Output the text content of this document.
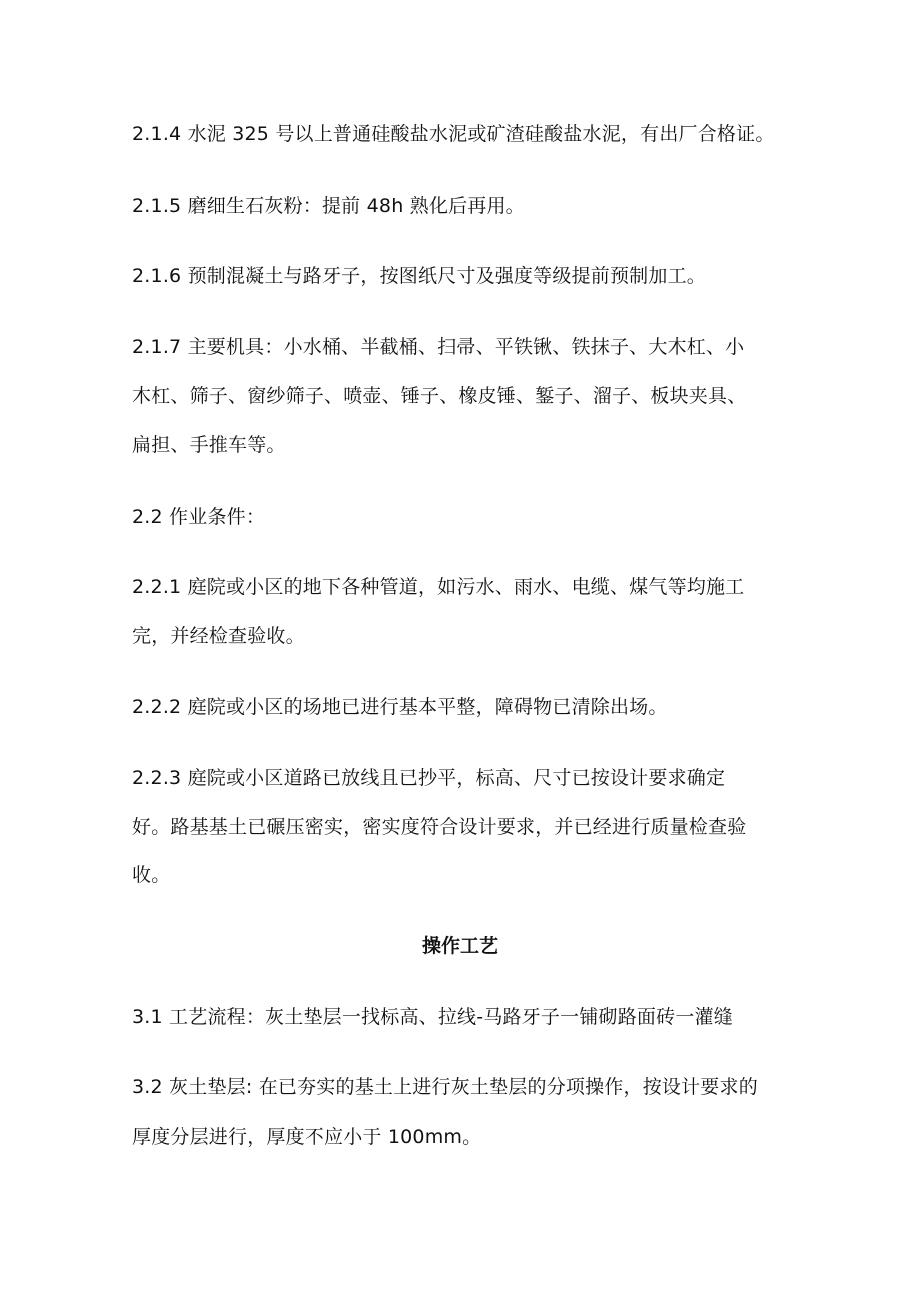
2.1.4 水泥 325 号以上普通硅酸盐水泥或矿渣硅酸盐水泥，有出厂合格证。
2.1.5 磨细生石灰粉：提前 48h 熟化后再用。
2.1.6 预制混凝土与路牙子，按图纸尺寸及强度等级提前预制加工。
2.1.7 主要机具：小水桶、半截桶、扫帚、平铁锹、铁抹子、大木杠、小
木杠、筛子、窗纱筛子、喷壶、锤子、橡皮锤、錾子、溜子、板块夹具、
扁担、手推车等。
2.2 作业条件：
2.2.1 庭院或小区的地下各种管道，如污水、雨水、电缆、煤气等均施工
完，并经检查验收。
2.2.2 庭院或小区的场地已进行基本平整，障碍物已清除出场。
2.2.3 庭院或小区道路已放线且已抄平，标高、尺寸已按设计要求确定
好。路基基土已碾压密实，密实度符合设计要求，并已经进行质量检查验
收。
操作工艺
3.1 工艺流程：灰土垫层一找标高、拉线-马路牙子一铺砌路面砖一灌缝
3.2 灰土垫层: 在已夯实的基土上进行灰土垫层的分项操作，按设计要求的
厚度分层进行，厚度不应小于 100mm。
